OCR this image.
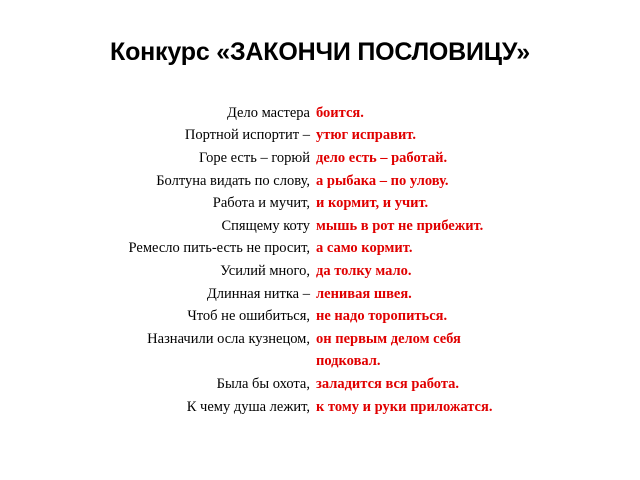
Конкурс «ЗАКОНЧИ ПОСЛОВИЦУ»
Дело мастера боится.
Портной испортит – утюг исправит.
Горе есть – горюй дело есть – работай.
Болтуна видать по слову, а рыбака – по улову.
Работа и мучит, и кормит, и учит.
Спящему коту мышь в рот не прибежит.
Ремесло пить-есть не просит, а само кормит.
Усилий много, да толку мало.
Длинная нитка – ленивая швея.
Чтоб не ошибиться, не надо торопиться.
Назначили осла кузнецом, он первым делом себя
подковал.
Была бы охота, заладится вся работа.
К чему душа лежит, к тому и руки приложатся.
